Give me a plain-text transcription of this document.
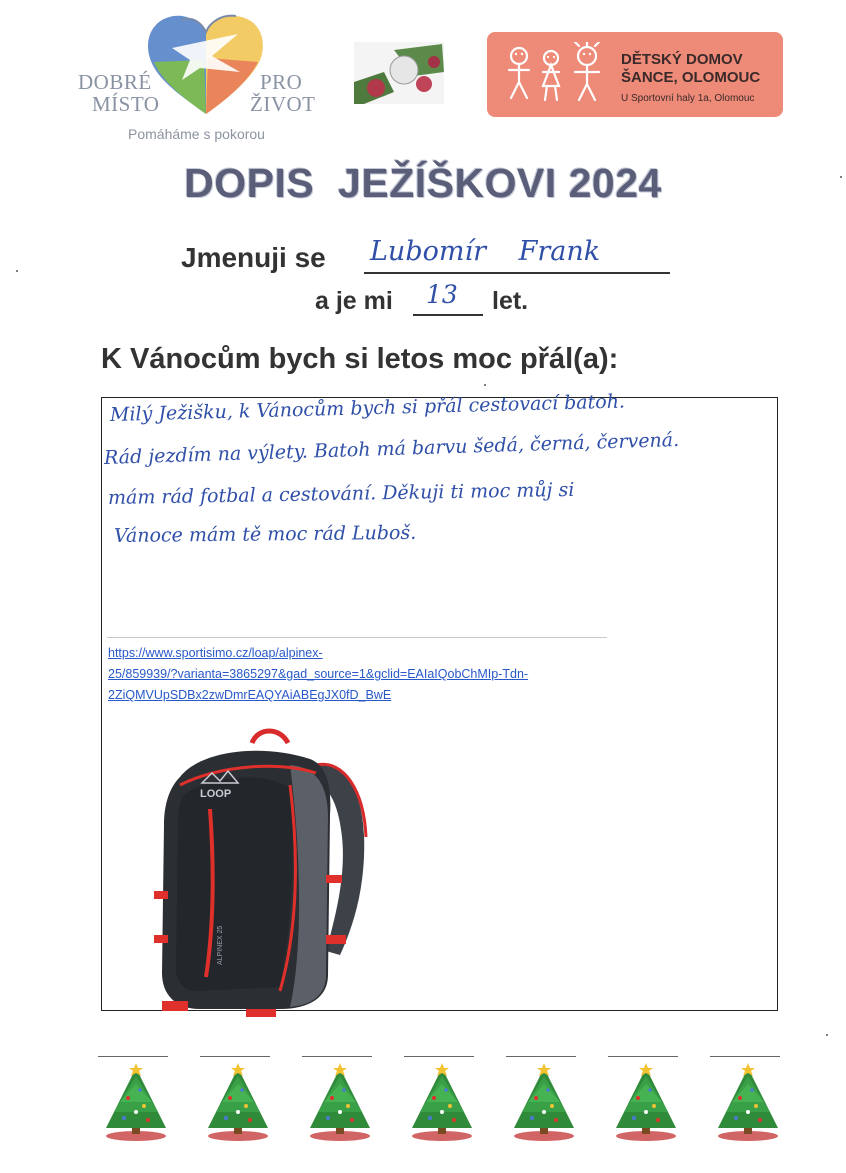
DOBRÉ
MÍSTO
PRO
ŽIVOT
Pomáháme s pokorou
DĚTSKÝ DOMOV
ŠANCE, OLOMOUC
U Sportovní haly 1a, Olomouc
DOPIS  JEŽÍŠKOVI 2024
Jmenuji se Lubomír Frank
a je mi 13 let.
K Vánocům bych si letos moc přál(a):
Milý Ježišku, k Vánocům bych si přál cestovací batoh.
Rád jezdím na výlety. Batoh má barvu šedá, černá, červená.
mám rád fotbal a cestování. Děkuji ti moc můj si
Vánoce mám tě moc rád Luboš.
https://www.sportisimo.cz/loap/alpinex-
25/859939/?varianta=3865297&gad_source=1&gclid=EAIaIQobChMIp-Tdn-
2ZiQMVUpSDBx2zwDmrEAQYAiABEgJX0fD_BwE
LOOP
ALPINEX 25
